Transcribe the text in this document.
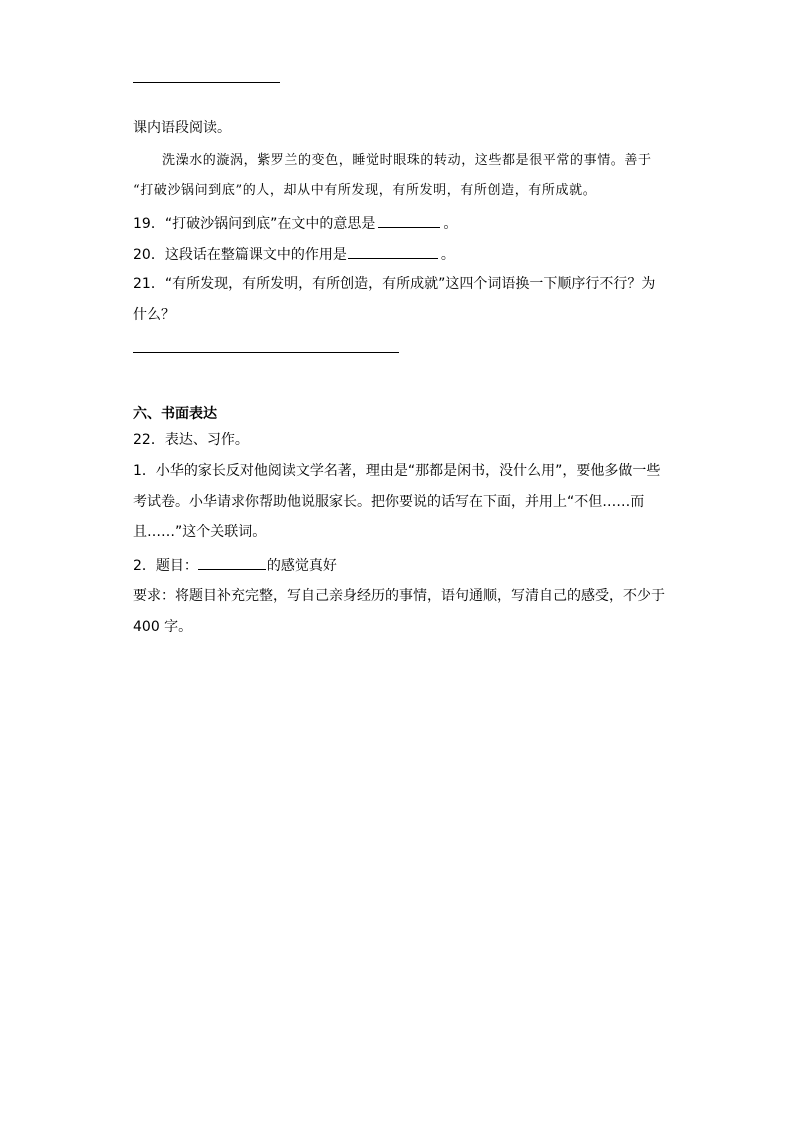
课内语段阅读。
洗澡水的漩涡，紫罗兰的变色，睡觉时眼珠的转动，这些都是很平常的事情。善于
“打破沙锅问到底”的人，却从中有所发现，有所发明，有所创造，有所成就。
19．“打破沙锅问到底”在文中的意思是	。
20．这段话在整篇课文中的作用是	。
21．“有所发现，有所发明，有所创造，有所成就”这四个词语换一下顺序行不行？为
什么？
六、书面表达
22．表达、习作。
1．小华的家长反对他阅读文学名著，理由是“那都是闲书，没什么用”，要他多做一些
考试卷。小华请求你帮助他说服家长。把你要说的话写在下面，并用上“不但……而
且……”这个关联词。
2．题目：	的感觉真好
要求：将题目补充完整，写自己亲身经历的事情，语句通顺，写清自己的感受，不少于
400 字。
